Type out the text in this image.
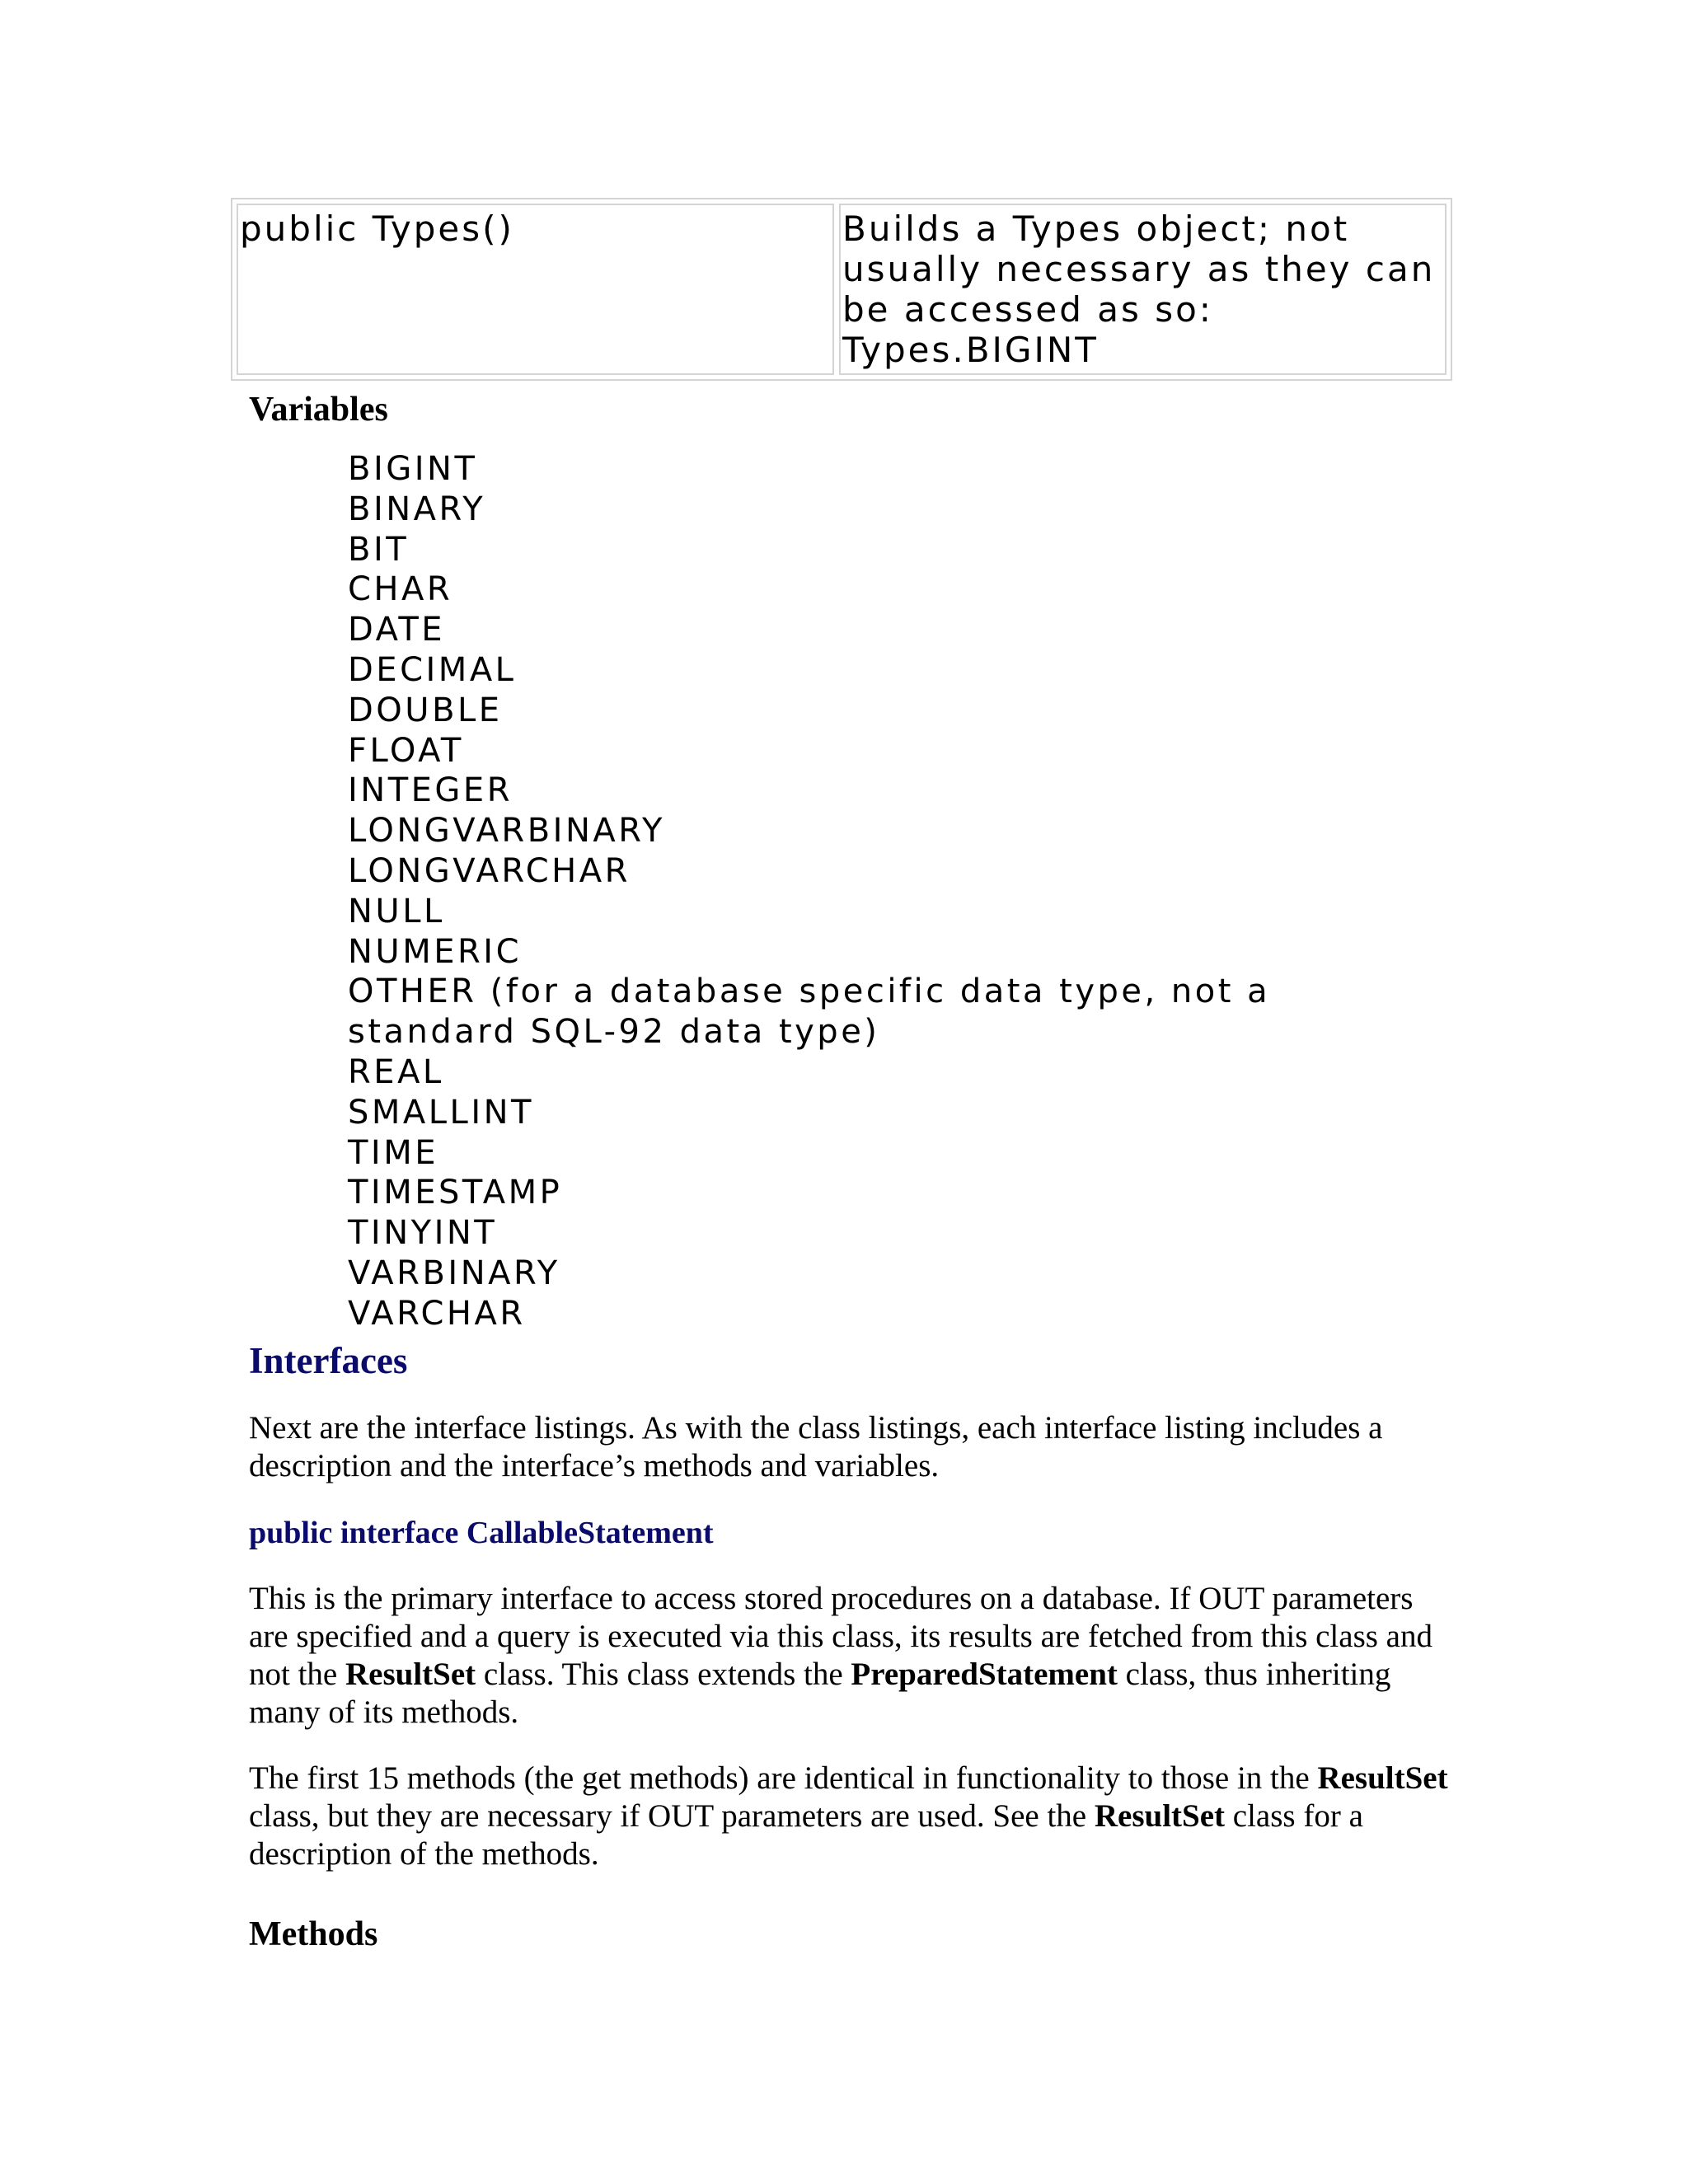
public Types()	Builds a Types object; not usually necessary as they can be accessed as so: Types.BIGINT
Variables
BIGINT
BINARY
BIT
CHAR
DATE
DECIMAL
DOUBLE
FLOAT
INTEGER
LONGVARBINARY
LONGVARCHAR
NULL
NUMERIC
OTHER (for a database specific data type, not a standard SQL-92 data type)
REAL
SMALLINT
TIME
TIMESTAMP
TINYINT
VARBINARY
VARCHAR
Interfaces

Next are the interface listings. As with the class listings, each interface listing includes a description and the interface’s methods and variables.

public interface CallableStatement

This is the primary interface to access stored procedures on a database. If OUT parameters are specified and a query is executed via this class, its results are fetched from this class and not the ResultSet class. This class extends the PreparedStatement class, thus inheriting many of its methods.

The first 15 methods (the get methods) are identical in functionality to those in the ResultSet class, but they are necessary if OUT parameters are used. See the ResultSet class for a description of the methods.

Methods
